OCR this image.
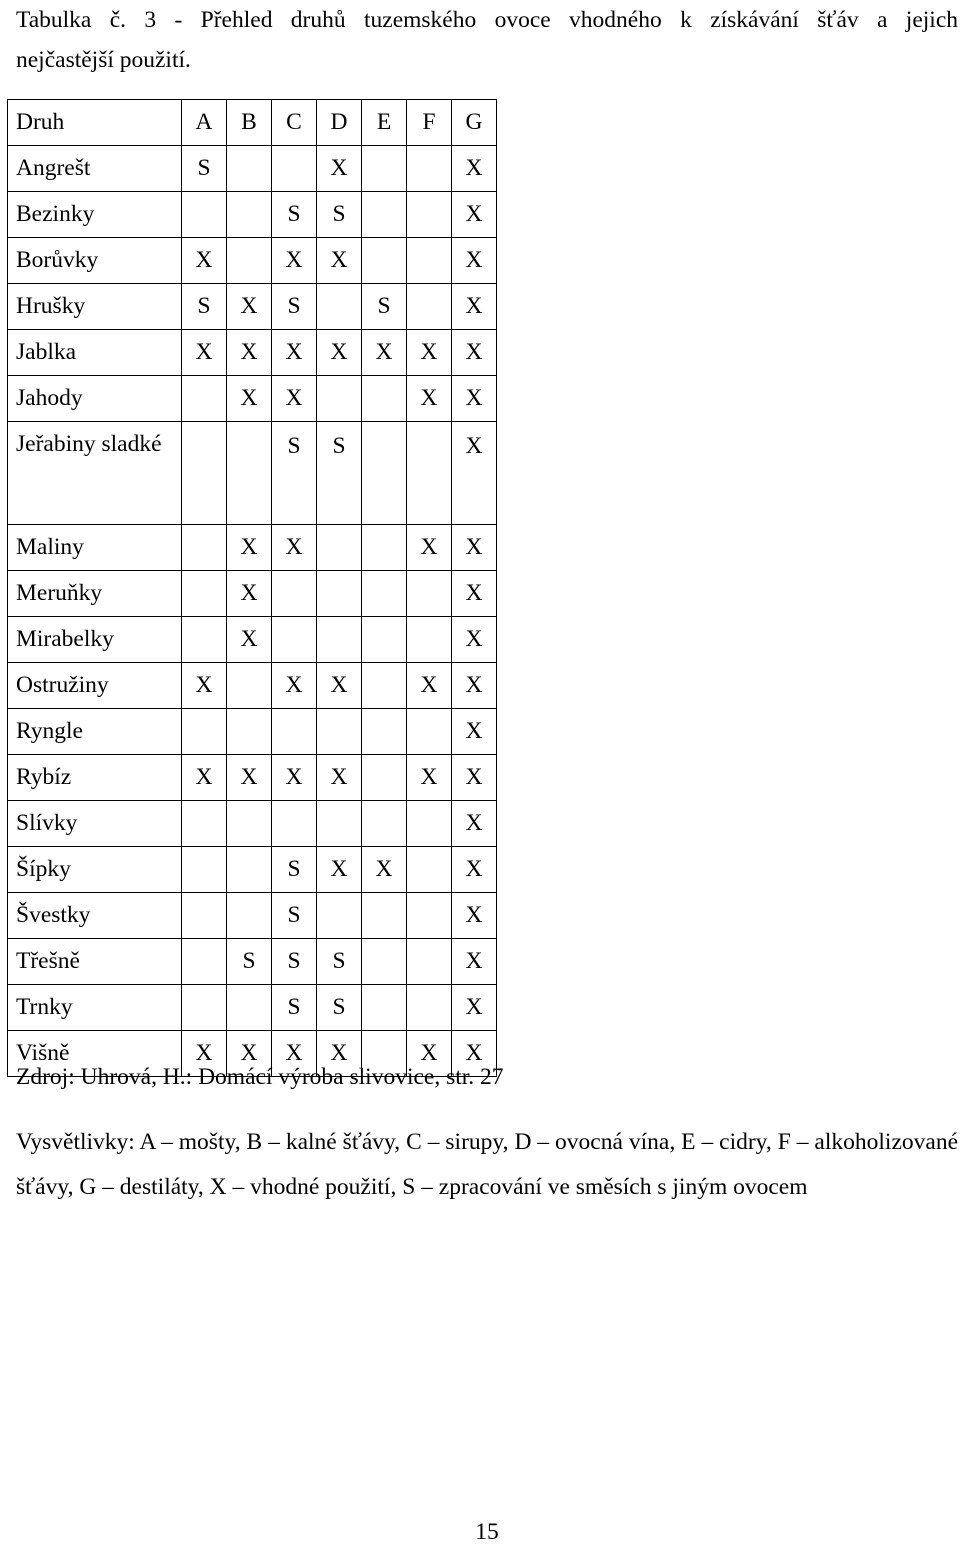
Tabulka č. 3 - Přehled druhů tuzemského ovoce vhodného k získávání šťáv a jejich
nejčastější použití.

Druh	A	B	C	D	E	F	G
Angrešt	S			X			X
Bezinky			S	S			X
Borůvky	X		X	X			X
Hrušky	S	X	S		S		X
Jablka	X	X	X	X	X	X	X
Jahody		X	X			X	X
Jeřabiny sladké			S	S			X
Maliny		X	X			X	X
Meruňky		X					X
Mirabelky		X					X
Ostružiny	X		X	X		X	X
Ryngle							X
Rybíz	X	X	X	X		X	X
Slívky							X
Šípky			S	X	X		X
Švestky			S				X
Třešně		S	S	S			X
Trnky			S	S			X
Višně	X	X	X	X		X	X

Zdroj: Uhrová, H.: Domácí výroba slivovice, str. 27

Vysvětlivky: A – mošty, B – kalné šťávy, C – sirupy, D – ovocná vína, E – cidry, F – alkoholizované šťávy, G – destiláty, X – vhodné použití, S – zpracování ve směsích s jiným ovocem

15
